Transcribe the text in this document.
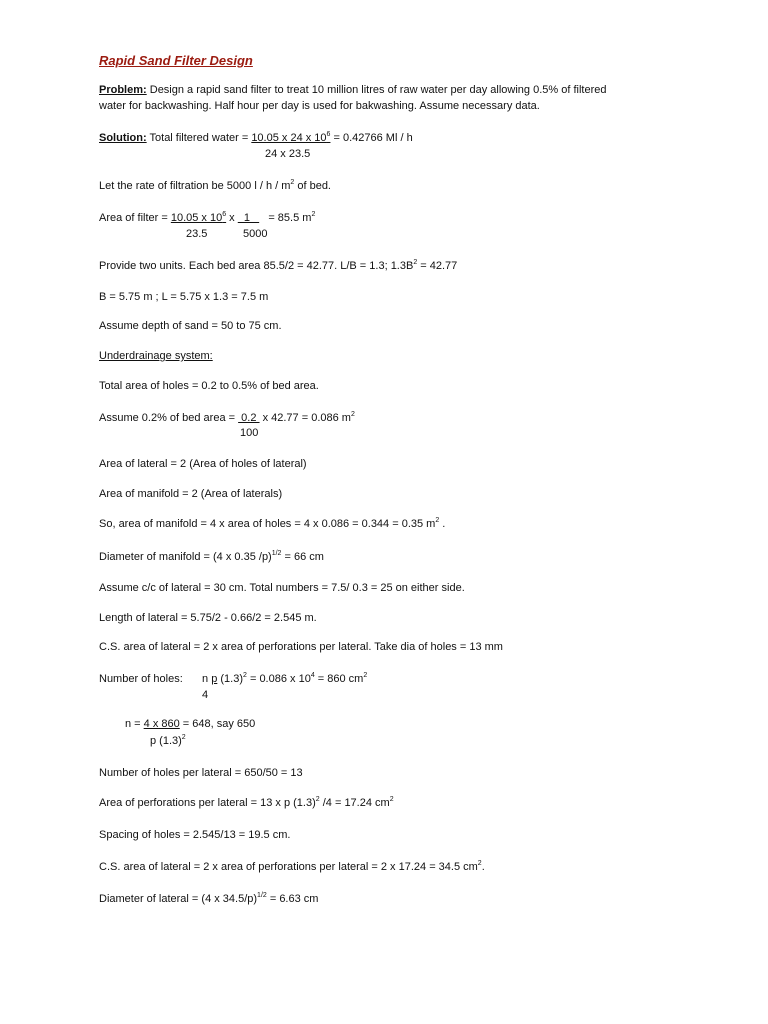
Rapid Sand Filter Design
Problem: Design a rapid sand filter to treat 10 million litres of raw water per day allowing 0.5% of filtered
water for backwashing. Half hour per day is used for bakwashing. Assume necessary data.
Solution: Total filtered water = 10.05 x 24 x $10^6 = 0.42766$ Ml / h
24 x 23.5
Let the rate of filtration be 5000 l / h / $m^2$ of bed.
Area of filter = 10.05 x $10^6$ x   1      = 85.5 $m^2$
23.5	5000
Provide two units. Each bed area 85.5/2 = 42.77. L/B = 1.3; $1.3B^2 = 42.77$
B = 5.75 m ; L = 5.75 x 1.3 = 7.5 m
Assume depth of sand = 50 to 75 cm.
Underdrainage system:
Total area of holes = 0.2 to 0.5% of bed area.
Assume 0.2% of bed area =  0.2  x 42.77 = 0.086 $m^2$
100
Area of lateral = 2 (Area of holes of lateral)
Area of manifold = 2 (Area of laterals)
So, area of manifold = 4 x area of holes = 4 x 0.086 = 0.344 = 0.35 $m^2$ .
Diameter of manifold = (4 x 0.35 /p)$^{1/2}$ = 66 cm
Assume c/c of lateral = 30 cm. Total numbers = 7.5/ 0.3 = 25 on either side.
Length of lateral = 5.75/2 - 0.66/2 = 2.545 m.
C.S. area of lateral = 2 x area of perforations per lateral. Take dia of holes = 13 mm
Number of holes: n p $(1.3)^2 = 0.086$ x $10^4 = 860$ $cm^2$
4
n = 4 x 860 = 648, say 650
p $(1.3)^2$
Number of holes per lateral = 650/50 = 13
Area of perforations per lateral = 13 x p $(1.3)^2$ /4 = 17.24 $cm^2$
Spacing of holes = 2.545/13 = 19.5 cm.
C.S. area of lateral = 2 x area of perforations per lateral = 2 x 17.24 = 34.5 $cm^2$.
Diameter of lateral = (4 x 34.5/p)$^{1/2}$ = 6.63 cm
